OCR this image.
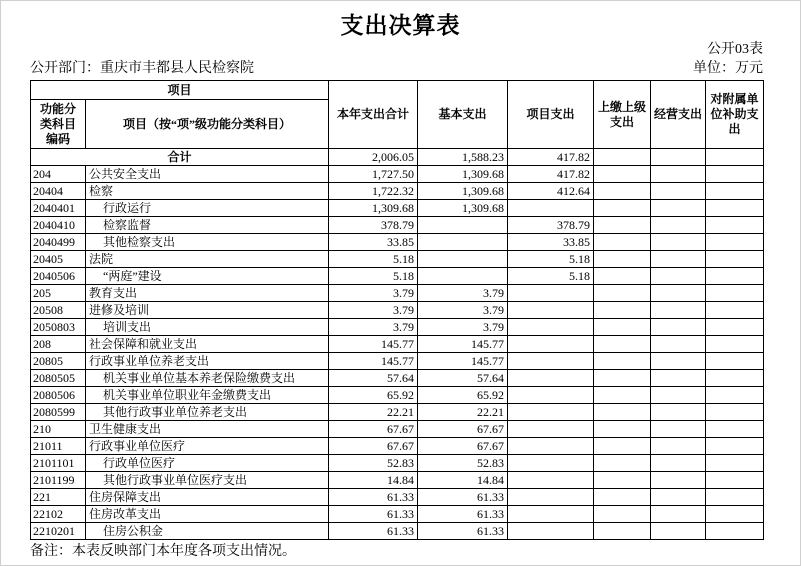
支出决算表
公开03表
公开部门：重庆市丰都县人民检察院	单位：万元
项目		本年支出合计	基本支出	项目支出	上缴上级支出	经营支出	对附属单位补助支出
功能分类科目编码	项目（按“项”级功能分类科目）						
合计		2,006.05	1,588.23	417.82			
204	公共安全支出	1,727.50	1,309.68	417.82			
20404	检察	1,722.32	1,309.68	412.64			
2040401	行政运行	1,309.68	1,309.68				
2040410	检察监督	378.79		378.79			
2040499	其他检察支出	33.85		33.85			
20405	法院	5.18		5.18			
2040506	“两庭”建设	5.18		5.18			
205	教育支出	3.79	3.79				
20508	进修及培训	3.79	3.79				
2050803	培训支出	3.79	3.79				
208	社会保障和就业支出	145.77	145.77				
20805	行政事业单位养老支出	145.77	145.77				
2080505	机关事业单位基本养老保险缴费支出	57.64	57.64				
2080506	机关事业单位职业年金缴费支出	65.92	65.92				
2080599	其他行政事业单位养老支出	22.21	22.21				
210	卫生健康支出	67.67	67.67				
21011	行政事业单位医疗	67.67	67.67				
2101101	行政单位医疗	52.83	52.83				
2101199	其他行政事业单位医疗支出	14.84	14.84				
221	住房保障支出	61.33	61.33				
22102	住房改革支出	61.33	61.33				
2210201	住房公积金	61.33	61.33				
备注：本表反映部门本年度各项支出情况。
